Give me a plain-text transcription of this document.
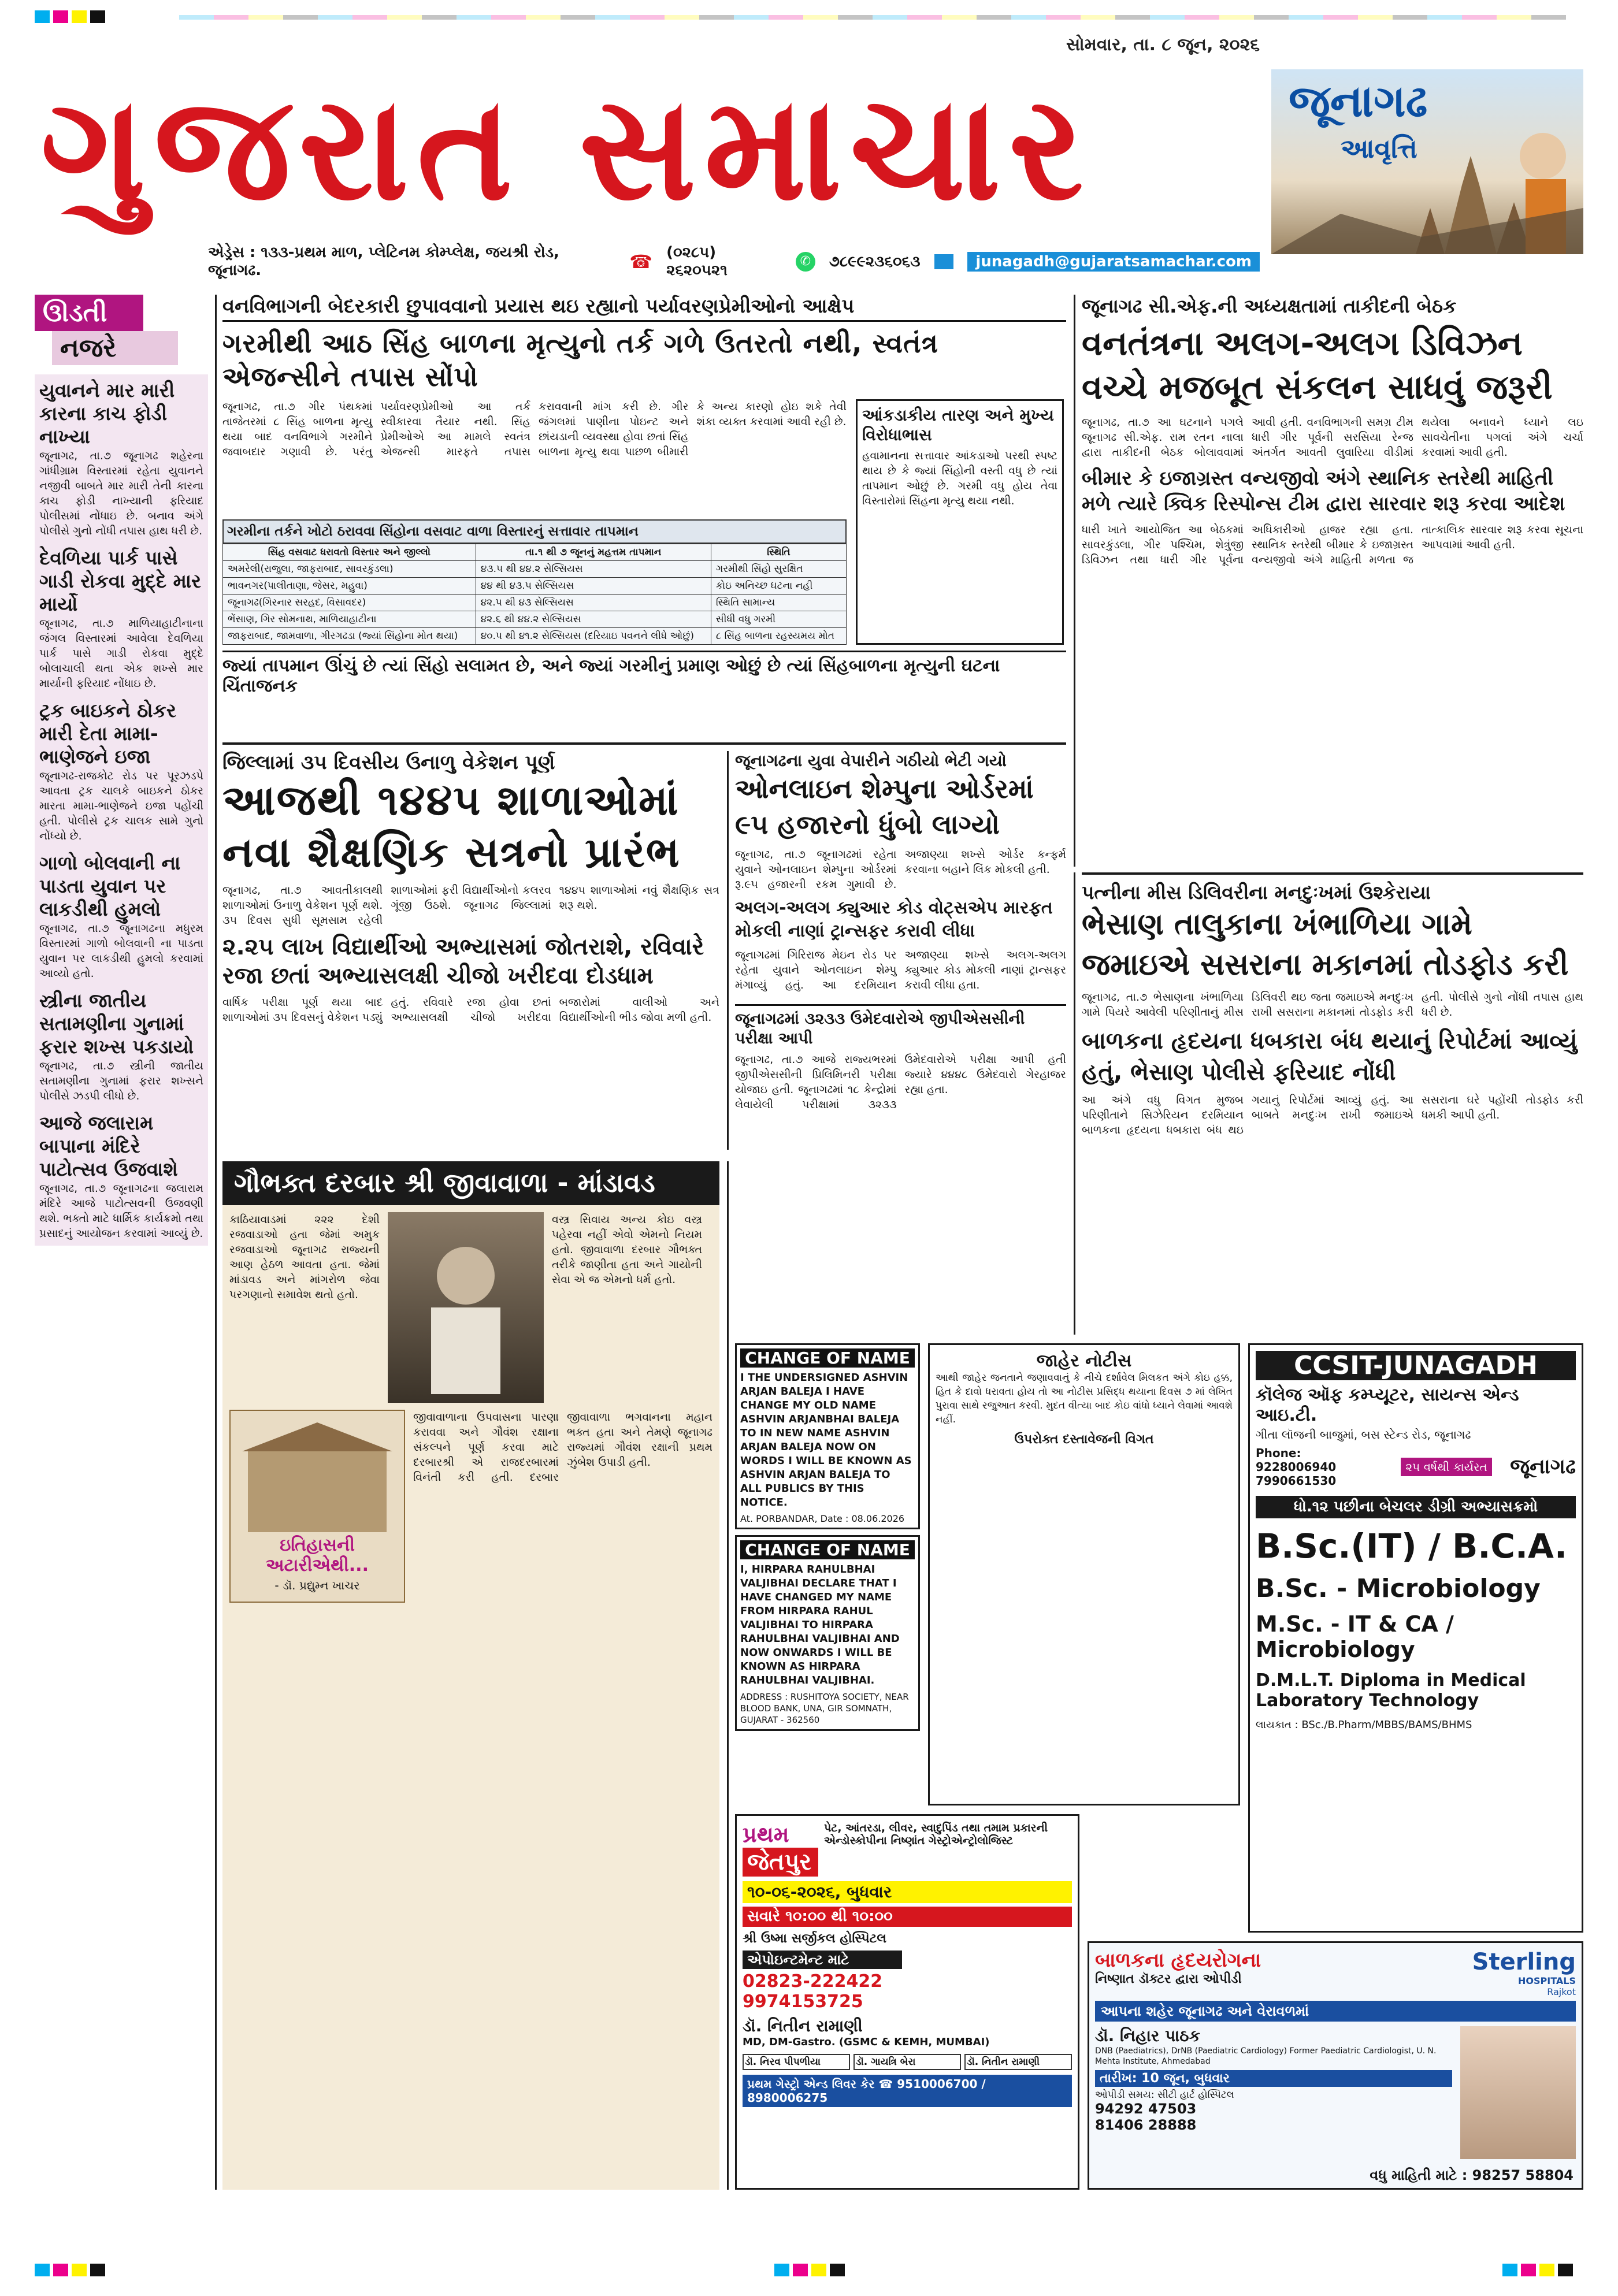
સોમવાર, તા. ૮ જૂન, ૨૦૨૬
ગુજરાત સમાચાર	જૂનાગઢ
આવૃત્તિ
એડ્રેસ : ૧૩૩-પ્રથમ માળ, પ્લેટિનમ કોમ્પ્લેક્ષ, જયશ્રી રોડ, જૂનાગઢ.	☎ (૦૨૮૫) ૨૬૨૦૫૨૧
✆ ૭૮૯૯૨૩૬૦૬૩	junagadh@gujaratsamachar.com
ઊડતી
નજરે
યુવાનને માર મારી કારના કાચ ફોડી નાખ્યા

જૂનાગઢ, તા.૭ જૂનાગઢ શહેરના ગાંધીગ્રામ વિસ્તારમાં રહેતા યુવાનને નજીવી બાબતે માર મારી તેની કારના કાચ ફોડી નાખ્યાની ફરિયાદ પોલીસમાં નોંધાઇ છે. બનાવ અંગે પોલીસે ગુનો નોંધી તપાસ હાથ ધરી છે.

દેવળિયા પાર્ક પાસે ગાડી રોકવા મુદ્દે માર માર્યો

જૂનાગઢ, તા.૭ માળિયાહાટીનાના જંગલ વિસ્તારમાં આવેલા દેવળિયા પાર્ક પાસે ગાડી રોકવા મુદ્દે બોલાચાલી થતા એક શખ્સે માર માર્યાની ફરિયાદ નોંધાઇ છે.

ટ્રક બાઇકને ઠોકર મારી દેતા મામા-ભાણેજને ઇજા

જૂનાગઢ-રાજકોટ રોડ પર પૂરઝડપે આવતા ટ્રક ચાલકે બાઇકને ઠોકર મારતા મામા-ભાણેજને ઇજા પહોંચી હતી. પોલીસે ટ્રક ચાલક સામે ગુનો નોંધ્યો છે.

ગાળો બોલવાની ના પાડતા યુવાન પર લાકડીથી હુમલો

જૂનાગઢ, તા.૭ જૂનાગઢના મધુરમ વિસ્તારમાં ગાળો બોલવાની ના પાડતા યુવાન પર લાકડીથી હુમલો કરવામાં આવ્યો હતો.

સ્ત્રીના જાતીય સતામણીના ગુનામાં ફરાર શખ્સ પકડાયો

જૂનાગઢ, તા.૭ સ્ત્રીની જાતીય સતામણીના ગુનામાં ફરાર શખ્સને પોલીસે ઝડપી લીધો છે.

આજે જલારામ બાપાના મંદિરે પાટોત્સવ ઉજવાશે

જૂનાગઢ, તા.૭ જૂનાગઢના જલારામ મંદિરે આજે પાટોત્સવની ઉજવણી થશે. ભક્તો માટે ધાર્મિક કાર્યક્રમો તથા પ્રસાદનું આયોજન કરવામાં આવ્યું છે.

વનવિભાગની બેદરકારી છુપાવવાનો પ્રયાસ થઇ રહ્યાનો પર્યાવરણપ્રેમીઓનો આક્ષેપ
ગરમીથી આઠ સિંહ બાળના મૃત્યુનો તર્ક ગળે ઉતરતો નથી, સ્વતંત્ર એજન્સીને તપાસ સોંપો

જૂનાગઢ, તા.૭ ગીર પંથકમાં તાજેતરમાં ૮ સિંહ બાળના મૃત્યુ થયા બાદ વનવિભાગે ગરમીને જવાબદાર ગણાવી છે. પરંતુ પર્યાવરણપ્રેમીઓ આ તર્ક સ્વીકારવા તૈયાર નથી. સિંહ પ્રેમીઓએ આ મામલે સ્વતંત્ર એજન્સી મારફતે તપાસ કરાવવાની માંગ કરી છે. ગીર જંગલમાં પાણીના પોઇન્ટ અને છાંયડાની વ્યવસ્થા હોવા છતાં સિંહ બાળના મૃત્યુ થવા પાછળ બીમારી કે અન્ય કારણો હોઇ શકે તેવી શંકા વ્યક્ત કરવામાં આવી રહી છે.

ગરમીના તર્કને ખોટો ઠરાવવા સિંહોના વસવાટ વાળા વિસ્તારનું સત્તાવાર તાપમાન
સિંહ વસવાટ ધરાવતો વિસ્તાર અને જીલ્લો	તા.૧ થી ૭ જૂનનું મહત્તમ તાપમાન	સ્થિતિ
અમરેલી(રાજુલા, જાફરાબાદ, સાવરકુંડલા)	૪૩.૫ થી ૪૪.૨ સેલ્સિયસ	ગરમીથી સિંહો સુરક્ષિત
ભાવનગર(પાલીતાણા, જેસર, મહુવા)	૪૪ થી ૪૩.૫ સેલ્સિયસ	કોઇ અનિચ્છ ઘટના નહી
જૂનાગઢ(ગિરનાર સરહદ, વિસાવદર)	૪૨.૫ થી ૪૩ સેલ્સિયસ	સ્થિતિ સામાન્ય
ભેંસાણ, ગિર સોમનાથ, માળિયાહાટીના	૪૨.૬ થી ૪૪.૨ સેલ્સિયસ	સીધી વધુ ગરમી
જાફરાબાદ, જામવાળા, ગીરગઢડા (જ્યાં સિંહોના મોત થયા)	૪૦.૫ થી ૪૧.૨ સેલ્સિયસ (દરિયાઇ પવનને લીધે ઓછું)	૮ સિંહ બાળના રહસ્યમય મોત
આંકડાકીય તારણ અને મુખ્ય વિરોધાભાસ

હવામાનના સત્તાવાર આંકડાઓ પરથી સ્પષ્ટ થાય છે કે જ્યાં સિંહોની વસ્તી વધુ છે ત્યાં તાપમાન ઓછું છે. ગરમી વધુ હોય તેવા વિસ્તારોમાં સિંહના મૃત્યુ થયા નથી.

જ્યાં તાપમાન ઊંચું છે ત્યાં સિંહો સલામત છે, અને જ્યાં ગરમીનું પ્રમાણ ઓછું છે ત્યાં સિંહબાળના મૃત્યુની ઘટના ચિંતાજનક
જૂનાગઢ સી.એફ.ની અધ્યક્ષતામાં તાકીદની બેઠક
વનતંત્રના અલગ-અલગ ડિવિઝન વચ્ચે મજબૂત સંકલન સાધવું જરૂરી

જૂનાગઢ, તા.૭ આ ઘટનાને પગલે જૂનાગઢ સી.એફ. રામ રતન નાલા દ્વારા તાકીદની બેઠક બોલાવવામાં આવી હતી. વનવિભાગની સમગ્ર ટીમ ધારી ગીર પૂર્વની સરસિયા રેન્જ અંતર્ગત આવતી લુવારિયા વીડીમાં થયેલા બનાવને ધ્યાને લઇ સાવચેતીના પગલાં અંગે ચર્ચા કરવામાં આવી હતી.

બીમાર કે ઇજાગ્રસ્ત વન્યજીવો અંગે સ્થાનિક સ્તરેથી માહિતી મળે ત્યારે ક્વિક રિસ્પોન્સ ટીમ દ્વારા સારવાર શરૂ કરવા આદેશ

ધારી ખાતે આયોજિત આ બેઠકમાં સાવરકુંડલા, ગીર પશ્ચિમ, શેત્રુંજી ડિવિઝન તથા ધારી ગીર પૂર્વના અધિકારીઓ હાજર રહ્યા હતા. સ્થાનિક સ્તરેથી બીમાર કે ઇજાગ્રસ્ત વન્યજીવો અંગે માહિતી મળતા જ તાત્કાલિક સારવાર શરૂ કરવા સૂચના આપવામાં આવી હતી.

જિલ્લામાં ૩૫ દિવસીય ઉનાળુ વેકેશન પૂર્ણ
આજથી ૧૪૪૫ શાળાઓમાં
નવા શૈક્ષણિક સત્રનો પ્રારંભ

જૂનાગઢ, તા.૭ આવતીકાલથી શાળાઓમાં ઉનાળુ વેકેશન પૂર્ણ થશે. ૩૫ દિવસ સુધી સૂમસામ રહેલી શાળાઓમાં ફરી વિદ્યાર્થીઓનો કલરવ ગૂંજી ઉઠશે. જૂનાગઢ જિલ્લામાં ૧૪૪૫ શાળાઓમાં નવું શૈક્ષણિક સત્ર શરૂ થશે.

૨.૨૫ લાખ વિદ્યાર્થીઓ અભ્યાસમાં જોતરાશે, રવિવારે રજા છતાં અભ્યાસલક્ષી ચીજો ખરીદવા દોડધામ

વાર્ષિક પરીક્ષા પૂર્ણ થયા બાદ શાળાઓમાં ૩૫ દિવસનું વેકેશન પડ્યું હતું. રવિવારે રજા હોવા છતાં અભ્યાસલક્ષી ચીજો ખરીદવા બજારોમાં વાલીઓ અને વિદ્યાર્થીઓની ભીડ જોવા મળી હતી.

જૂનાગઢના યુવા વેપારીને ગઠીયો ભેટી ગયો
ઓનલાઇન શેમ્પુના ઓર્ડરમાં
૯૫ હજારનો ધુંબો લાગ્યો

જૂનાગઢ, તા.૭ જૂનાગઢમાં રહેતા યુવાને ઓનલાઇન શેમ્પુના ઓર્ડરમાં રૂ.૯૫ હજારની રકમ ગુમાવી છે. અજાણ્યા શખ્સે ઓર્ડર કન્ફર્મ કરવાના બહાને લિંક મોકલી હતી.

અલગ-અલગ ક્યુઆર કોડ વોટ્સએપ મારફત મોકલી નાણાં ટ્રાન્સફર કરાવી લીધા

જૂનાગઢમાં ગિરિરાજ મેઇન રોડ પર રહેતા યુવાને ઓનલાઇન શેમ્પુ મંગાવ્યું હતું. આ દરમિયાન અજાણ્યા શખ્સે અલગ-અલગ ક્યુઆર કોડ મોકલી નાણાં ટ્રાન્સફર કરાવી લીધા હતા.

જૂનાગઢમાં ૩૨૩૩ ઉમેદવારોએ જીપીએસસીની પરીક્ષા આપી

જૂનાગઢ, તા.૭ આજે રાજ્યભરમાં જીપીએસસીની પ્રિલિમિનરી પરીક્ષા યોજાઇ હતી. જૂનાગઢમાં ૧૮ કેન્દ્રોમાં લેવાયેલી પરીક્ષામાં ૩૨૩૩ ઉમેદવારોએ પરીક્ષા આપી હતી જ્યારે ૪૪૪૮ ઉમેદવારો ગેરહાજર રહ્યા હતા.

પત્નીના મીસ ડિલિવરીના મનદુઃખમાં ઉશ્કેરાયા
ભેસાણ તાલુકાના ખંભાળિયા ગામે
જમાઇએ સસરાના મકાનમાં તોડફોડ કરી

જૂનાગઢ, તા.૭ ભેસાણના ખંભાળિયા ગામે પિયરે આવેલી પરિણીતાનું મીસ ડિલિવરી થઇ જતા જમાઇએ મનદુઃખ રાખી સસરાના મકાનમાં તોડફોડ કરી હતી. પોલીસે ગુનો નોંધી તપાસ હાથ ધરી છે.

બાળકના હૃદયના ધબકારા બંધ થયાનું રિપોર્ટમાં આવ્યું હતું, ભેસાણ પોલીસે ફરિયાદ નોંધી

આ અંગે વધુ વિગત મુજબ પરિણીતાને સિઝેરિયન દરમિયાન બાળકના હૃદયના ધબકારા બંધ થઇ ગયાનું રિપોર્ટમાં આવ્યું હતું. આ બાબતે મનદુઃખ રાખી જમાઇએ સસરાના ઘરે પહોંચી તોડફોડ કરી ધમકી આપી હતી.

ગૌભક્ત દરબાર શ્રી જીવાવાળા - માંડાવડ

કાઠિયાવાડમાં ૨૨૨ દેશી રજવાડાઓ હતા જેમાં અમુક રજવાડાઓ જૂનાગઢ રાજ્યની આણ હેઠળ આવતા હતા. જેમાં માંડાવડ અને માંગરોળ જેવા પરગણાનો સમાવેશ થતો હતો.

વસ્ત્ર સિવાય અન્ય કોઇ વસ્ત્ર પહેરવા નહીં એવો એમનો નિયમ હતો. જીવાવાળા દરબાર ગૌભક્ત તરીકે જાણીતા હતા અને ગાયોની સેવા એ જ એમનો ધર્મ હતો.

ઇતિહાસની અટારીએથી...
- ડૉ. પ્રદ્યુમ્ન ખાચર

જીવાવાળાના ઉપવાસના પારણા કરાવવા અને ગૌવંશ રક્ષાના સંકલ્પને પૂર્ણ કરવા માટે દરબારશ્રી એ રાજદરબારમાં વિનંતી કરી હતી. દરબાર જીવાવાળા ભગવાનના મહાન ભક્ત હતા અને તેમણે જૂનાગઢ રાજ્યમાં ગૌવંશ રક્ષાની પ્રથમ ઝુંબેશ ઉપાડી હતી.

CHANGE OF NAME

I THE UNDERSIGNED ASHVIN ARJAN BALEJA I HAVE CHANGE MY OLD NAME ASHVIN ARJANBHAI BALEJA TO IN NEW NAME ASHVIN ARJAN BALEJA NOW ON WORDS I WILL BE KNOWN AS ASHVIN ARJAN BALEJA TO ALL PUBLICS BY THIS NOTICE.

At. PORBANDAR, Date : 08.06.2026
CHANGE OF NAME

I, HIRPARA RAHULBHAI VALJIBHAI DECLARE THAT I HAVE CHANGED MY NAME FROM HIRPARA RAHUL VALJIBHAI TO HIRPARA RAHULBHAI VALJIBHAI AND NOW ONWARDS I WILL BE KNOWN AS HIRPARA RAHULBHAI VALJIBHAI.

ADDRESS : RUSHITOYA SOCIETY, NEAR BLOOD BANK, UNA, GIR SOMNATH, GUJARAT - 362560
જાહેર નોટીસ

આથી જાહેર જનતાને જણાવવાનું કે નીચે દર્શાવેલ મિલકત અંગે કોઇ હક્ક, હિત કે દાવો ધરાવતા હોય તો આ નોટીસ પ્રસિદ્ધ થયાના દિવસ ૭ માં લેખિત પુરાવા સાથે રજુઆત કરવી. મુદત વીત્યા બાદ કોઇ વાંધો ધ્યાને લેવામાં આવશે નહીં.

ઉપરોક્ત દસ્તાવેજની વિગત
CCSIT-JUNAGADH
કૉલેજ ઑફ કમ્પ્યૂટર, સાયન્સ એન્ડ આઇ.ટી.
ગીતા લૉજની બાજુમાં, બસ સ્ટેન્ડ રોડ, જૂનાગઢ
Phone: 9228006940 7990661530
૨૫ વર્ષથી કાર્યરત જૂનાગઢ
ધો.૧૨ પછીના બેચલર ડીગ્રી અભ્યાસક્રમો
B.Sc.(IT) / B.C.A.
B.Sc. - Microbiology
M.Sc. - IT & CA / Microbiology
D.M.L.T. Diploma in Medical Laboratory Technology
લાયકાત : BSc./B.Pharm/MBBS/BAMS/BHMS
પ્રથમ
જેતપુર
પેટ, આંતરડા, લીવર, સ્વાદુપિંડ તથા તમામ પ્રકારની એન્ડોસ્કોપીના નિષ્ણાંત ગેસ્ટ્રોએન્ટ્રોલોજિસ્ટ
૧૦-૦૬-૨૦૨૬, બુધવાર
સવારે ૧૦:૦૦ થી ૧૦:૦૦
શ્રી ઉષ્મા સર્જીકલ હોસ્પિટલ
એપોઇન્ટમેન્ટ માટે
02823-222422
9974153725
ડૉ. નિતીન રામાણી
MD, DM-Gastro. (GSMC & KEMH, MUMBAI)
ડૉ. નિરવ પીપળીયા	ડૉ. ગાયત્રિ બેરા	ડૉ. નિતીન રામાણી
પ્રથમ ગેસ્ટ્રો એન્ડ લિવર કેર ☎ 9510006700 / 8980006275
બાળકના હૃદયરોગના
નિષ્ણાત ડૉક્ટર દ્વારા ઓપીડી
Sterling
HOSPITALS
Rajkot
આપના શહેર જૂનાગઢ અને વેરાવળમાં
ડૉ. નિહાર પાઠક
DNB (Paediatrics), DrNB (Paediatric Cardiology) Former Paediatric Cardiologist, U. N. Mehta Institute, Ahmedabad
તારીખ: 10 જૂન, બુધવાર
ઓપીડી સમય: સીટી હાર્ટ હોસ્પિટલ
94292 47503
81406 28888
વધુ માહિતી માટે : 98257 58804
